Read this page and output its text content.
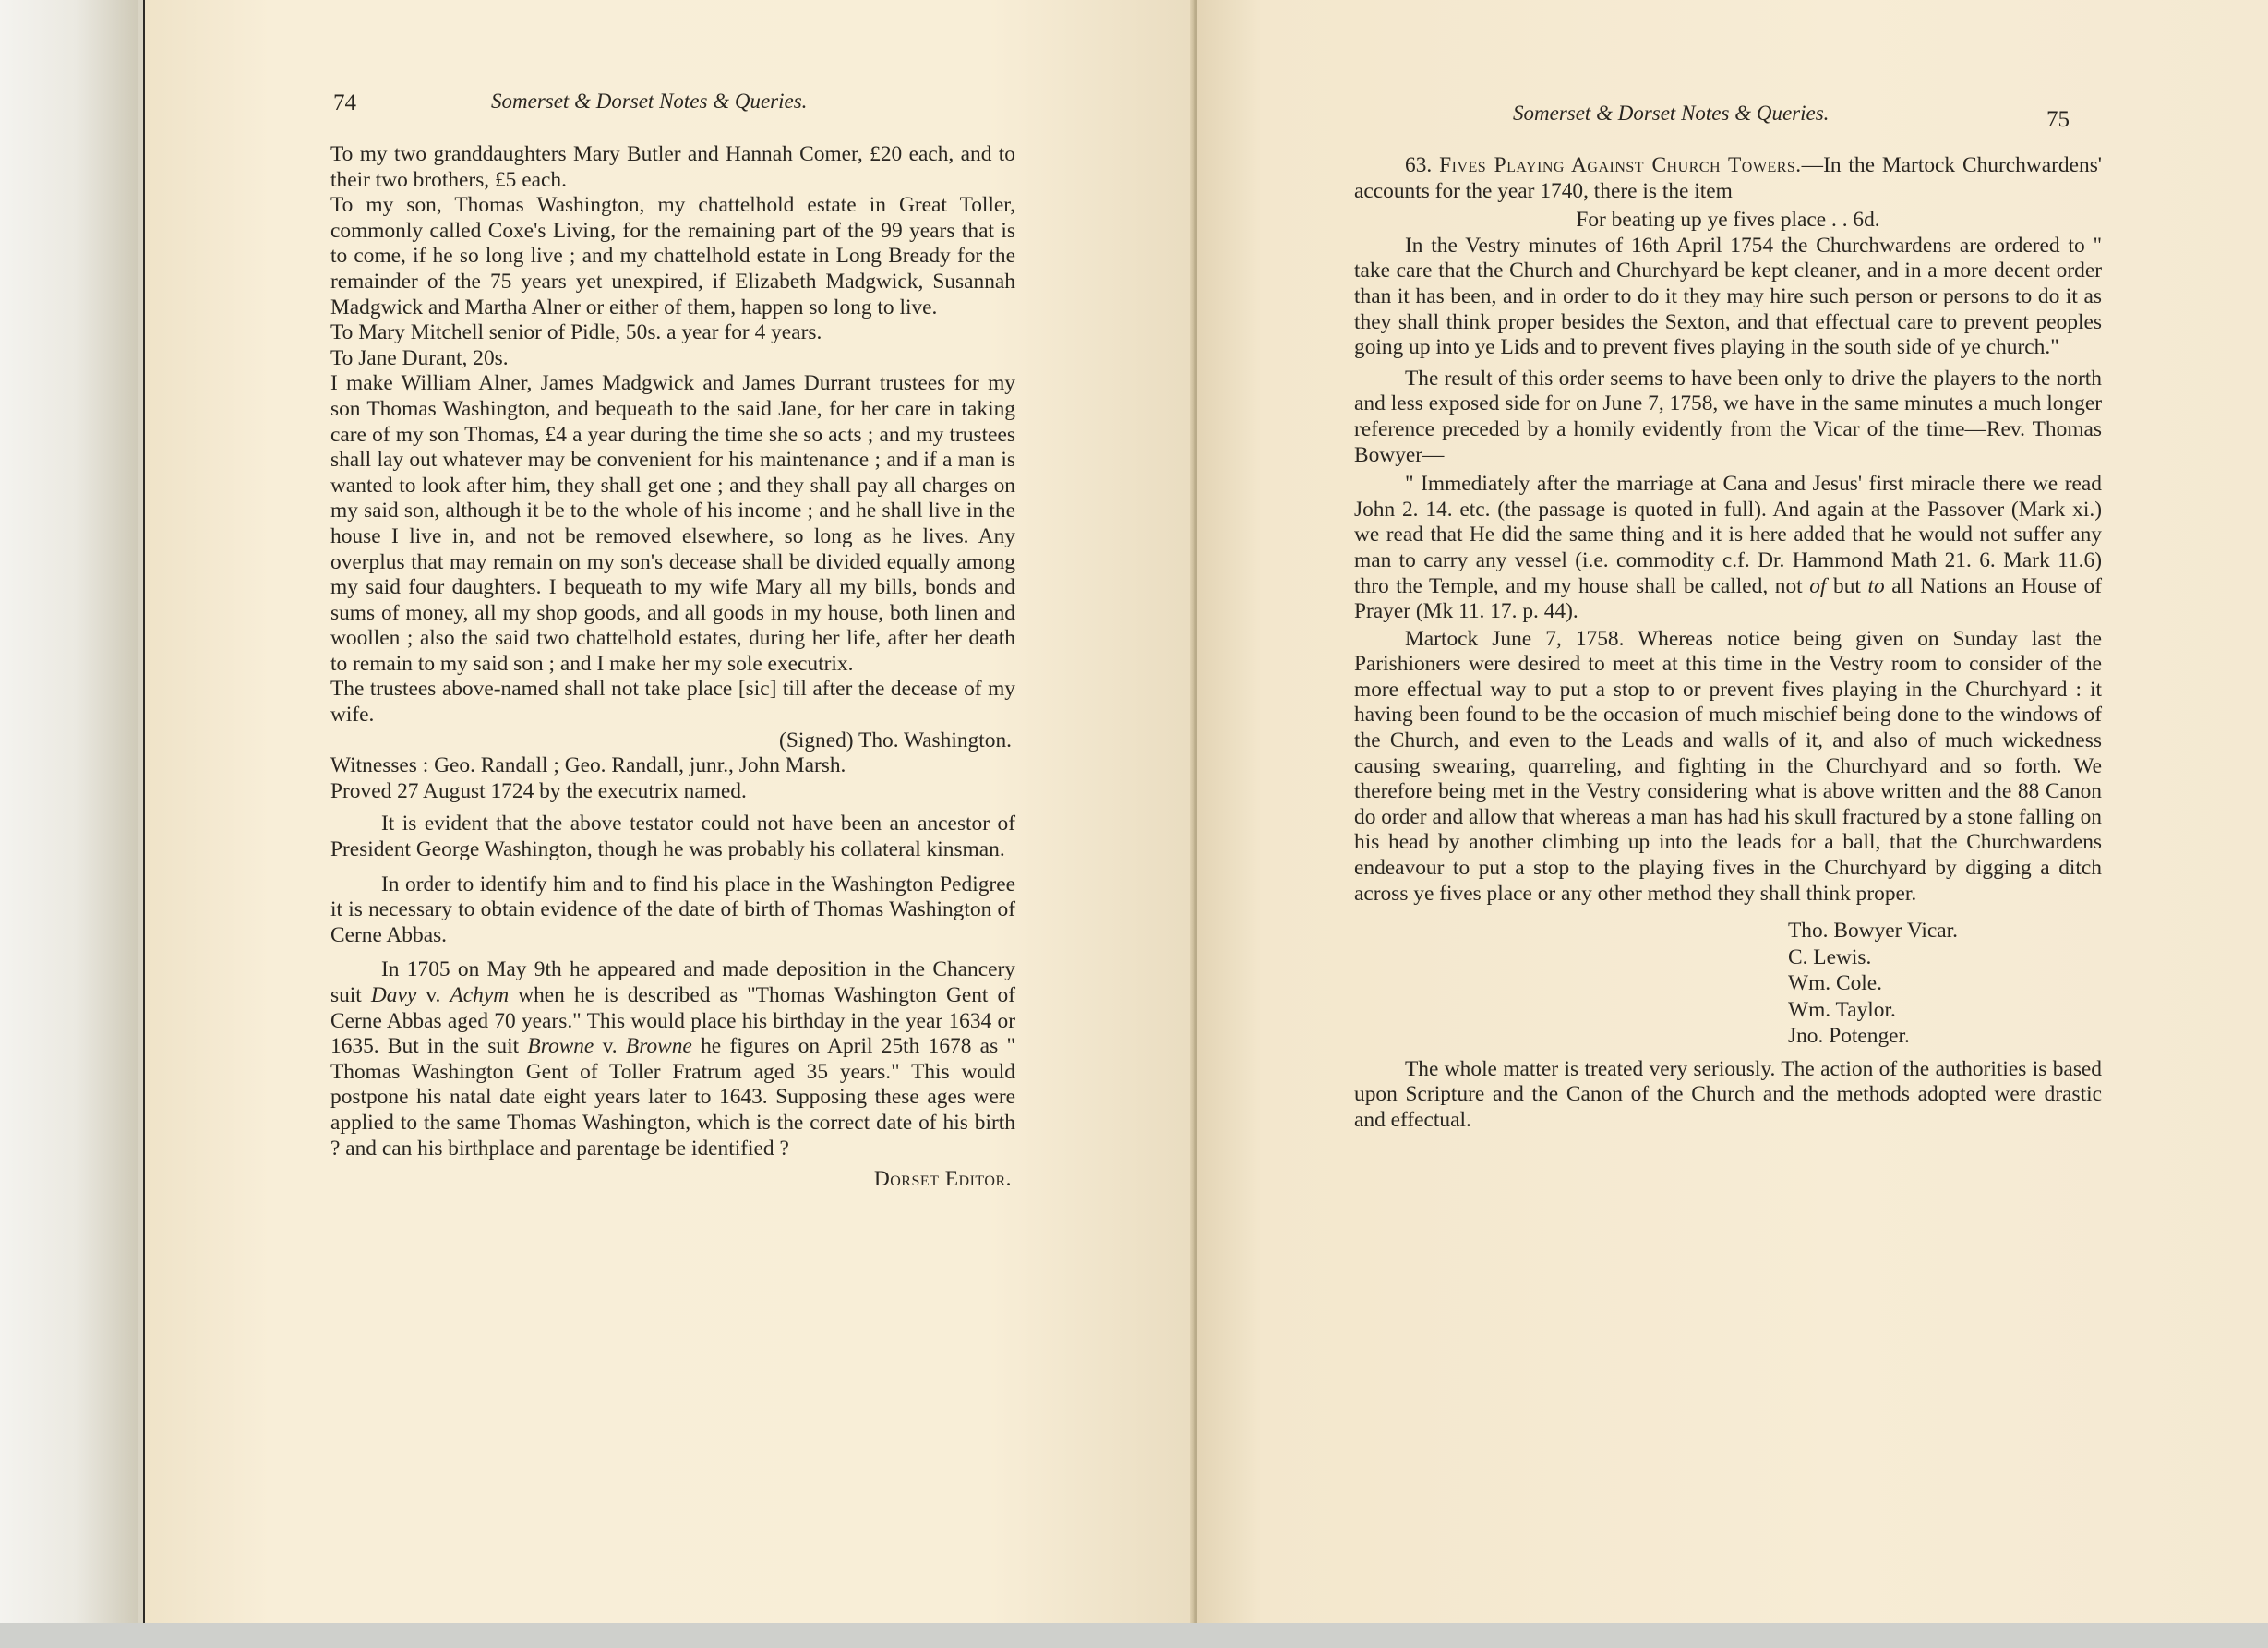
74	Somerset & Dorset Notes & Queries.

To my two granddaughters Mary Butler and Hannah Comer, £20 each, and to their two brothers, £5 each.

To my son, Thomas Washington, my chattelhold estate in Great Toller, commonly called Coxe's Living, for the remaining part of the 99 years that is to come, if he so long live ; and my chattelhold estate in Long Bready for the remainder of the 75 years yet unexpired, if Elizabeth Madgwick, Susannah Madgwick and Martha Alner or either of them, happen so long to live.

To Mary Mitchell senior of Pidle, 50s. a year for 4 years.

To Jane Durant, 20s.

I make William Alner, James Madgwick and James Durrant trustees for my son Thomas Washington, and bequeath to the said Jane, for her care in taking care of my son Thomas, £4 a year during the time she so acts ; and my trustees shall lay out whatever may be convenient for his maintenance ; and if a man is wanted to look after him, they shall get one ; and they shall pay all charges on my said son, although it be to the whole of his income ; and he shall live in the house I live in, and not be removed elsewhere, so long as he lives. Any overplus that may remain on my son's decease shall be divided equally among my said four daughters. I bequeath to my wife Mary all my bills, bonds and sums of money, all my shop goods, and all goods in my house, both linen and woollen ; also the said two chattelhold estates, during her life, after her death to remain to my said son ; and I make her my sole executrix.

The trustees above-named shall not take place [sic] till after the decease of my wife.

(Signed) Tho. Washington.

Witnesses : Geo. Randall ; Geo. Randall, junr., John Marsh.

Proved 27 August 1724 by the executrix named.

It is evident that the above testator could not have been an ancestor of President George Washington, though he was probably his collateral kinsman.

In order to identify him and to find his place in the Washington Pedigree it is necessary to obtain evidence of the date of birth of Thomas Washington of Cerne Abbas.

In 1705 on May 9th he appeared and made deposition in the Chancery suit Davy v. Achym when he is described as "Thomas Washington Gent of Cerne Abbas aged 70 years." This would place his birthday in the year 1634 or 1635. But in the suit Browne v. Browne he figures on April 25th 1678 as " Thomas Washington Gent of Toller Fratrum aged 35 years." This would postpone his natal date eight years later to 1643. Supposing these ages were applied to the same Thomas Washington, which is the correct date of his birth ? and can his birthplace and parentage be identified ?

Dorset Editor.

Somerset & Dorset Notes & Queries.	75

63. Fives Playing Against Church Towers.—In the Martock Churchwardens' accounts for the year 1740, there is the item

For beating up ye fives place . . 6d.

In the Vestry minutes of 16th April 1754 the Churchwardens are ordered to " take care that the Church and Churchyard be kept cleaner, and in a more decent order than it has been, and in order to do it they may hire such person or persons to do it as they shall think proper besides the Sexton, and that effectual care to prevent peoples going up into ye Lids and to prevent fives playing in the south side of ye church."

The result of this order seems to have been only to drive the players to the north and less exposed side for on June 7, 1758, we have in the same minutes a much longer reference preceded by a homily evidently from the Vicar of the time—Rev. Thomas Bowyer—

" Immediately after the marriage at Cana and Jesus' first miracle there we read John 2. 14. etc. (the passage is quoted in full). And again at the Passover (Mark xi.) we read that He did the same thing and it is here added that he would not suffer any man to carry any vessel (i.e. commodity c.f. Dr. Hammond Math 21. 6. Mark 11.6) thro the Temple, and my house shall be called, not of but to all Nations an House of Prayer (Mk 11. 17. p. 44).

Martock June 7, 1758. Whereas notice being given on Sunday last the Parishioners were desired to meet at this time in the Vestry room to consider of the more effectual way to put a stop to or prevent fives playing in the Churchyard : it having been found to be the occasion of much mischief being done to the windows of the Church, and even to the Leads and walls of it, and also of much wickedness causing swearing, quarreling, and fighting in the Churchyard and so forth. We therefore being met in the Vestry considering what is above written and the 88 Canon do order and allow that whereas a man has had his skull fractured by a stone falling on his head by another climbing up into the leads for a ball, that the Churchwardens endeavour to put a stop to the playing fives in the Churchyard by digging a ditch across ye fives place or any other method they shall think proper.

Tho. Bowyer Vicar.

C. Lewis.

Wm. Cole.

Wm. Taylor.

Jno. Potenger.

The whole matter is treated very seriously. The action of the authorities is based upon Scripture and the Canon of the Church and the methods adopted were drastic and effectual.
